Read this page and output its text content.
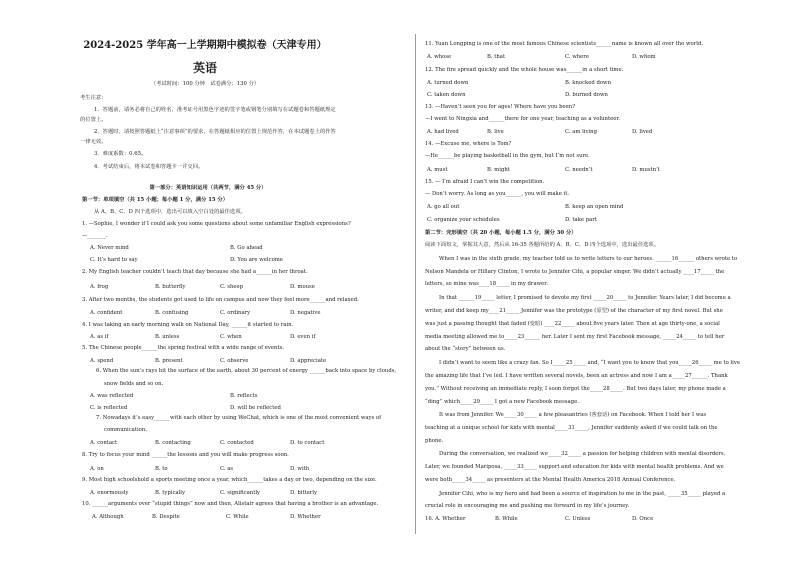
2024-2025 学年高一上学期期中模拟卷（天津专用）
英语
（考试时间：100 分钟　试卷满分：130 分）
考生注意：
1．答题前，请务必将自己的姓名、准考证号用黑色字迹的签字笔或钢笔分别填写在试题卷和答题纸规定
的位置上。
2．答题时，请按照答题纸上“注意事项”的要求，在答题纸相应的位置上规范作答，在本试题卷上的作答
一律无效。
3．难度系数：0.65。
4．考试结束后，将本试卷和答题卡一并交回。
第一部分：英语知识运用（共两节，满分 45 分）
第一节：单项填空（共 15 小题；每小题 1 分，满分 15 分）
从 A、B、C、D 四个选项中，选出可以填入空白处的最佳选项。
1. —Sophie, I wonder if I could ask you some questions about some unfamiliar English expressions?
—_______.
A. Never mind	B. Go ahead
C. It’s hard to say	D. You are welcome
2. My English teacher couldn’t teach that day because she had a______in her throat.
A. frog	B. butterfly	C. sheep	D. mouse
3. After two months, the students got used to life on campus and now they feel more______and relaxed.
A. confident	B. confusing	C. ordinary	D. negative
4. I was taking an early morning walk on National Day, ______it started to rain.
A. as if	B. unless	C. when	D. even if
5. The Chinese people______the spring festival with a wide range of events.
A. spend	B. present	C. observe	D. appreciate
6. When the sun’s rays hit the surface of the earth, about 30 percent of energy ______back into space by clouds,
snow fields and so on.
A. was reflected	B. reflects
C. is reflected	D. will be reflected
7. Nowadays it’s easy______with each other by using WeChat, which is one of the most convenient ways of
communication.
A. contact	B. contacting	C. contacted	D. to contact
8. Try to focus your mind ______the lessons and you will make progress soon.
A. on	B. to	C. as	D. with
9. Most high schoolshold a sports meeting once a year, which______takes a day or two, depending on the size.
A. enormously	B. typically	C. significantly	D. bitterly
10. ______arguments over “stupid things” now and then, Alistair agrees that having a brother is an advantage.
A. Although	B. Despite	C. While	D. Whether
11. Yuan Longping is one of the most famous Chinese scientists______name is known all over the world.
A. whose	B. that	C. where	D. whom
12. The fire spread quickly and the whole house was______in a short time.
A. turned down	B. knocked down
C. taken down	D. burned down
13. —Haven’t seen you for ages! Where have you been?
—I went to Ningxia and______there for one year, teaching as a volunteer.
A. had lived	B. live	C. am living	D. lived
14. —Excuse me, where is Tom?
—He______be playing basketball in the gym, but I’m not sure.
A. must	B. might	C. needn’t	D. mustn’t
15. — I’m afraid I can’t win the competition.
— Don’t worry. As long as you______, you will make it.
A. go all out	B. keep an open mind
C. organize your schedules	D. take part
第二节：完形填空（共 20 小题，每小题 1.5 分，满分 30 分）
阅读下面短文，掌握其大意，然后从 16-35 各题所给的 A、B、C、D 四个选项中，选出最佳选项。
When I was in the sixth grade, my teacher told us to write letters to our heroes. ______16______ others wrote to
Nelson Mandela or Hillary Clinton, I wrote to Jennifer Cihi, a popular singer. We didn’t actually ____17_____ the
letters, so mine was____18_____ in my drawer.
In that ______19_____ letter, I promised to devote my first _____20_____ to Jennifer. Years later, I did become a
writer, and did keep my____21_____ Jennifer was the prototype (原型) of the character of my first novel. But she
was just a passing thought that faded (变暗) ____22_____ about five years later. Then at age thirty-one, a social
media meeting allowed me to_____23______ her. Later I sent my first Facebook message, _____24_____ to tell her
about the “story” between us.
I didn’t want to seem like a crazy fan. So I_____25_____ and, “I want you to know that you_____26_____ me to live
the amazing life that I’ve led. I have written several novels, been an actress and now I am a_____27______. Thank
you.” Without receiving an immediate reply, I soon forgot the_____28_____. But two days later, my phone made a
“ding” which_____29_____ I got a new Facebook message.
It was from Jennifer. We_____30_____ a few pleasantries (客套话) on Facebook. When I told her I was
teaching at a unique school for kids with mental_____31_____, Jennifer suddenly asked if we could talk on the
phone.
During the conversation, we realized we_____32_____ a passion for helping children with mental disorders.
Later, we founded Mariposa, _____33_____ support and education for kids with mental health problems. And we
were both_____34_____ as presenters at the Mental Health America 2018 Annual Conference.
Jennifer Cihi, who is my hero and had been a source of inspiration to me in the past, _____35_____ played a
crucial role in encouraging me and pushing me forward in my life’s journey.
16. A. Whether	B. While	C. Unless	D. Once
